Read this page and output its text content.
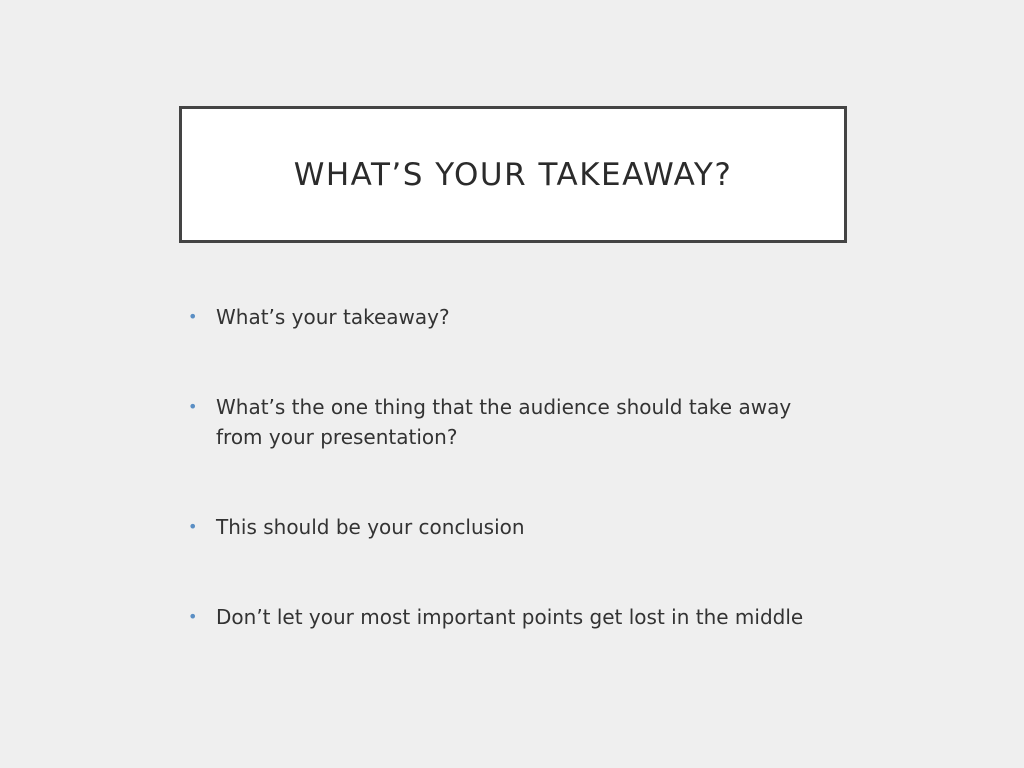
WHAT’S YOUR TAKEAWAY?
• What’s your takeaway?
• What’s the one thing that the audience should take away from your presentation?
• This should be your conclusion
• Don’t let your most important points get lost in the middle
